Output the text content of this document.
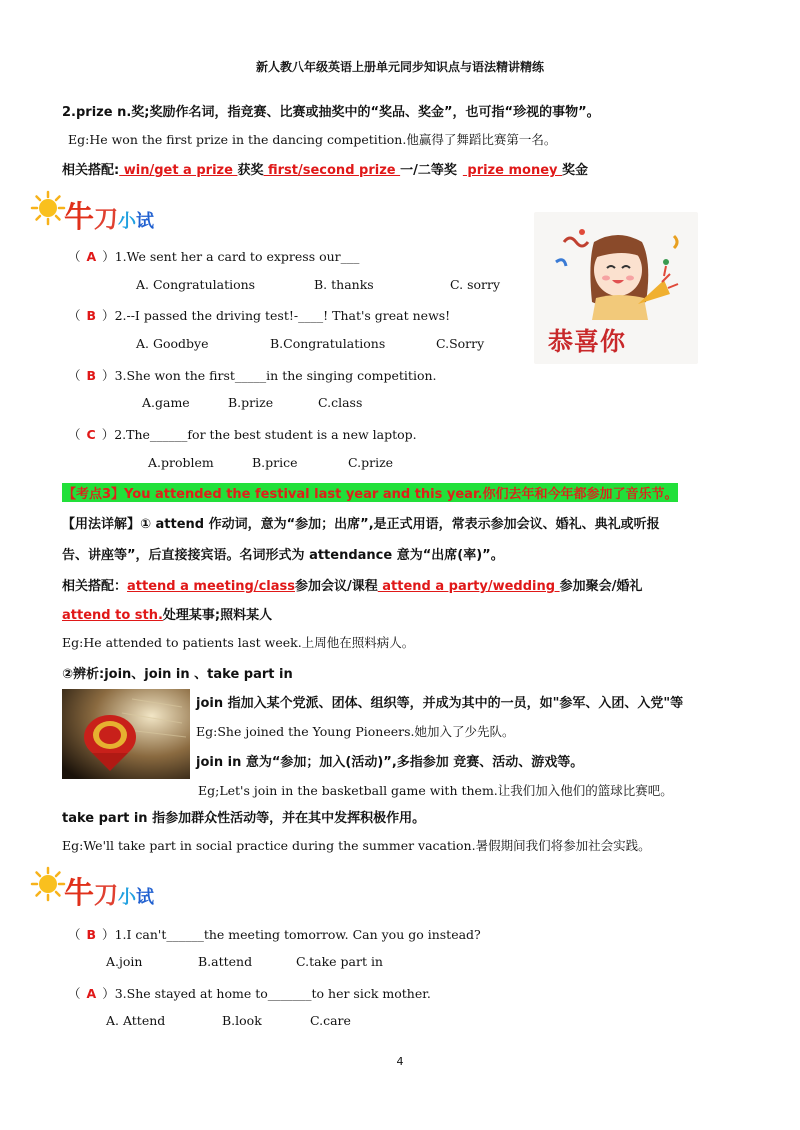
新人教八年级英语上册单元同步知识点与语法精讲精练
2.prize n.奖;奖励作名词，指竞赛、比赛或抽奖中的“奖品、奖金”，也可指“珍视的事物”。
Eg:He won the first prize in the dancing competition.他赢得了舞蹈比赛第一名。
相关搭配: win/get a prize 获奖 first/second prize 一/二等奖 prize money 奖金
牛刀小试
恭喜你
（ A ）1.We sent her a card to express our___
A. Congratulations	B. thanks	C. sorry
（ B ）2.--I passed the driving test!-____! That's great news!
A. Goodbye	B.Congratulations	C.Sorry
（ B ）3.She won the first_____in the singing competition.
A.game	B.prize	C.class
（ C ）2.The______for the best student is a new laptop.
A.problem	B.price	C.prize
【考点3】You attended the festival last year and this year.你们去年和今年都参加了音乐节。
【用法详解】① attend 作动词，意为“参加；出席”,是正式用语，常表示参加会议、婚礼、典礼或听报
告、讲座等”，后直接接宾语。名词形式为 attendance 意为“出席(率)”。
相关搭配：attend a meeting/class参加会议/课程 attend a party/wedding 参加聚会/婚礼
attend to sth.处理某事;照料某人
Eg:He attended to patients last week.上周他在照料病人。
②辨析:join、join in 、take part in
join 指加入某个党派、团体、组织等，并成为其中的一员，如"参军、入团、入党"等
Eg:She joined the Young Pioneers.她加入了少先队。
join in 意为“参加；加入(活动)”,多指参加 竞赛、活动、游戏等。
Eg;Let's join in the basketball game with them.让我们加入他们的篮球比赛吧。
take part in 指参加群众性活动等，并在其中发挥积极作用。
Eg:We'll take part in social practice during the summer vacation.暑假期间我们将参加社会实践。
牛刀小试
（ B ）1.I can't______the meeting tomorrow. Can you go instead?
A.join	B.attend	C.take part in
（ A ）3.She stayed at home to_______to her sick mother.
A. Attend	B.look	C.care
4
